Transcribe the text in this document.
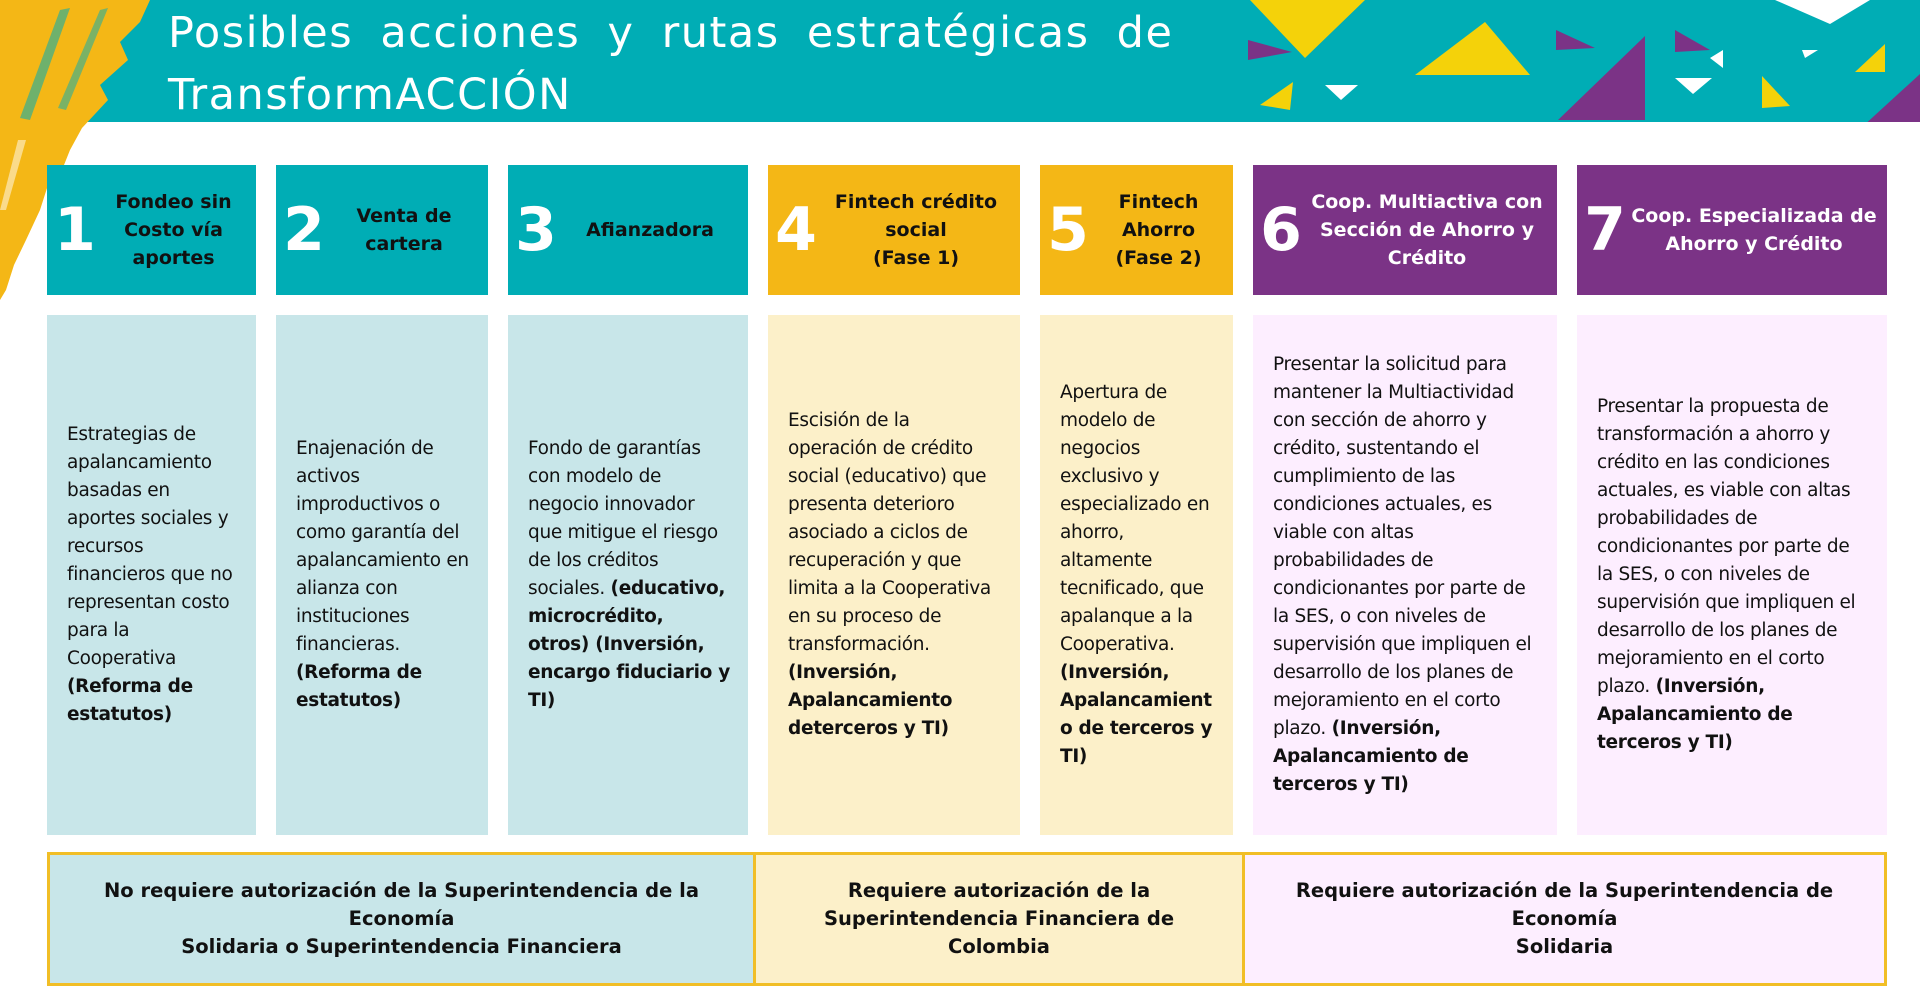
Posibles acciones y rutas estratégicas de
TransformACCIÓN
1	Fondeo sin
Costo vía
aportes	2	Venta de
cartera	3	Afianzadora	4 Fintech crédito
social
(Fase 1)	5	Fintech
Ahorro
(Fase 2) 6 Coop. Multiactiva con
Sección de Ahorro y
Crédito	7 Coop. Especializada de
Ahorro y Crédito

Estrategias de apalancamiento basadas en aportes sociales y recursos financieros que no representan costo para la Cooperativa (Reforma de estatutos)

Enajenación de activos improductivos o como garantía del apalancamiento en alianza con instituciones financieras. (Reforma de estatutos)

Fondo de garantías con modelo de negocio innovador que mitigue el riesgo de los créditos sociales. (educativo, microcrédito, otros) (Inversión, encargo fiduciario y TI)

Escisión de la operación de crédito social (educativo) que presenta deterioro asociado a ciclos de recuperación y que limita a la Cooperativa en su proceso de transformación. (Inversión, Apalancamiento deterceros y TI)

Apertura de modelo de negocios exclusivo y especializado en ahorro, altamente tecnificado, que apalanque a la Cooperativa. (Inversión, Apalancamient o de terceros y TI)

Presentar la solicitud para mantener la Multiactividad con sección de ahorro y crédito, sustentando el cumplimiento de las condiciones actuales, es viable con altas probabilidades de condicionantes por parte de la SES, o con niveles de supervisión que impliquen el desarrollo de los planes de mejoramiento en el corto plazo. (Inversión, Apalancamiento de terceros y TI)

Presentar la propuesta de transformación a ahorro y crédito en las condiciones actuales, es viable con altas probabilidades de condicionantes por parte de la SES, o con niveles de supervisión que impliquen el desarrollo de los planes de mejoramiento en el corto plazo. (Inversión, Apalancamiento de terceros y TI)

No requiere autorización de la Superintendencia de la Economía
Solidaria o Superintendencia Financiera
Requiere autorización de la
Superintendencia Financiera de Colombia
Requiere autorización de la Superintendencia de Economía
Solidaria
